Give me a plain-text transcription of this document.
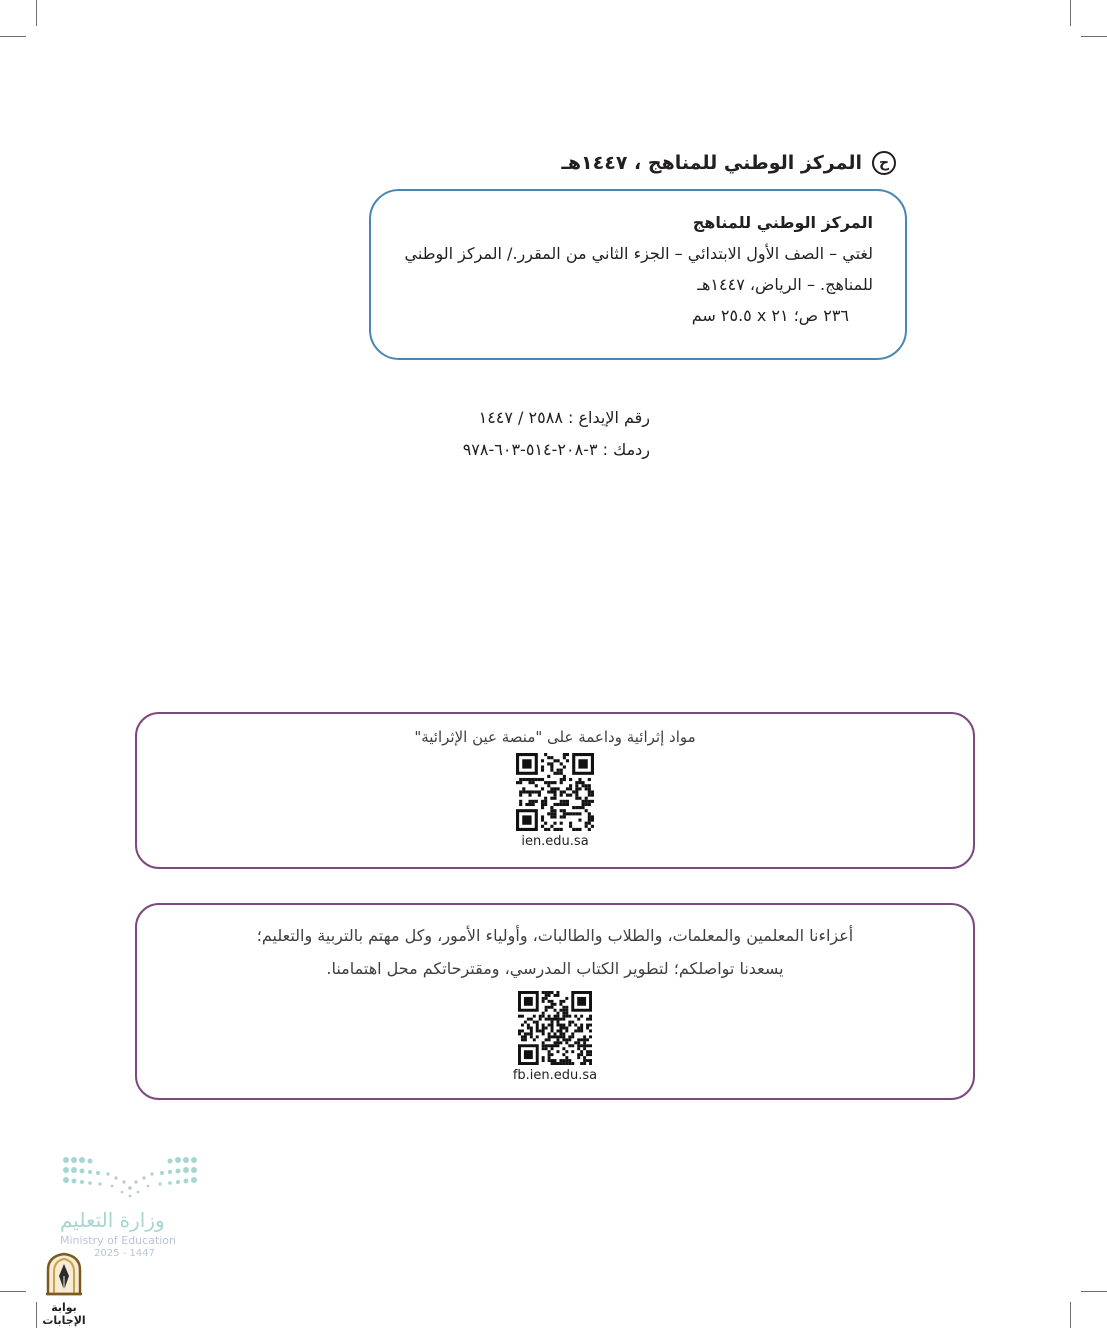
ح
المركز الوطني للمناهج ، ١٤٤٧هـ
المركز الوطني للمناهج
لغتي – الصف الأول الابتدائي – الجزء الثاني من المقرر./ المركز الوطني
للمناهج. – الرياض، ١٤٤٧هـ
٢٣٦ ص؛ ٢١ x ٢٥.٥ سم
رقم الإيداع : ٢٥٨٨ / ١٤٤٧
ردمك : ٣-٢٠٨-٥١٤-٦٠٣-٩٧٨
مواد إثرائية وداعمة على "منصة عين الإثرائية"
ien.edu.sa
أعزاءنا المعلمين والمعلمات، والطلاب والطالبات، وأولياء الأمور، وكل مهتم بالتربية والتعليم؛
يسعدنا تواصلكم؛ لتطوير الكتاب المدرسي، ومقترحاتكم محل اهتمامنا.
fb.ien.edu.sa
وزارة التعليم
Ministry of Education
2025 - 1447
بوابة الإجابات
